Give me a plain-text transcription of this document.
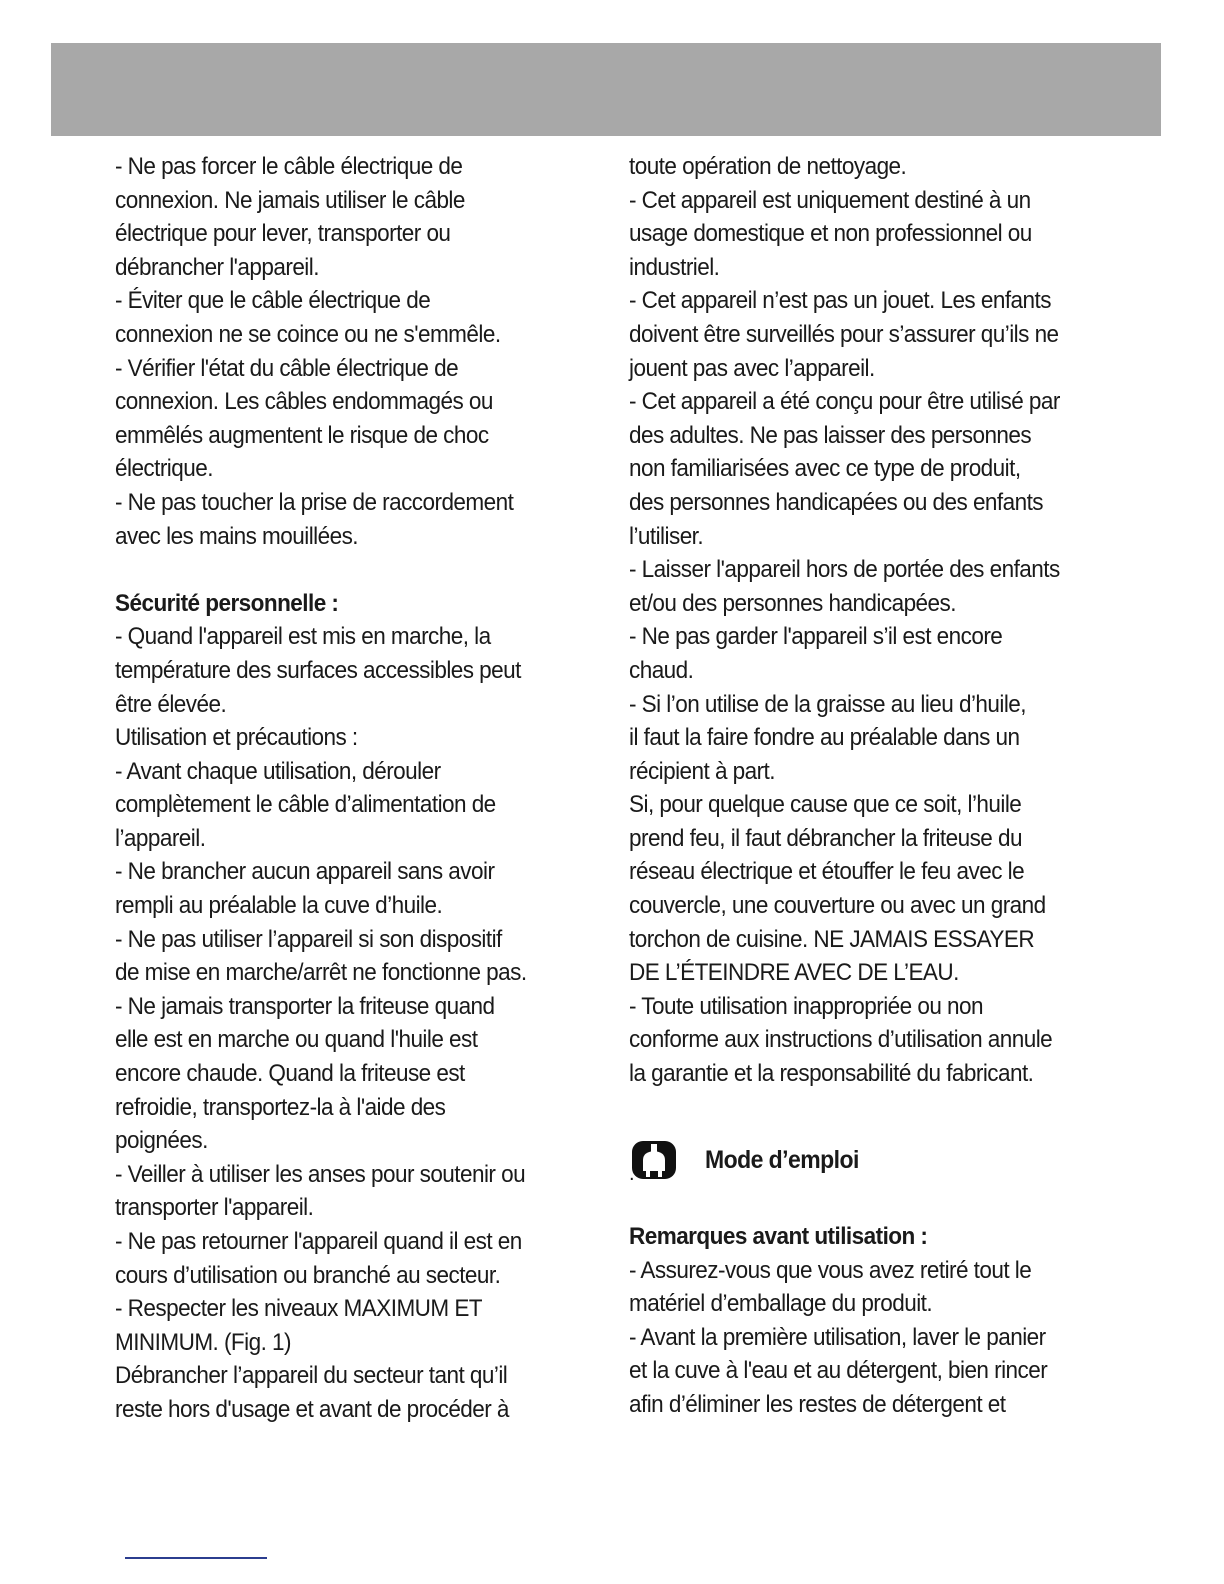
- Ne pas forcer le câble électrique de

connexion. Ne jamais utiliser le câble

électrique pour lever, transporter ou

débrancher l'appareil.

- Éviter que le câble électrique de

connexion ne se coince ou ne s'emmêle.

- Vérifier l'état du câble électrique de

connexion. Les câbles endommagés ou

emmêlés augmentent le risque de choc

électrique.

- Ne pas toucher la prise de raccordement

avec les mains mouillées.

Sécurité personnelle :

- Quand l'appareil est mis en marche, la

température des surfaces accessibles peut

être élevée.

Utilisation et précautions :

- Avant chaque utilisation, dérouler

complètement le câble d’alimentation de

l’appareil.

- Ne brancher aucun appareil sans avoir

rempli au préalable la cuve d’huile.

- Ne pas utiliser l’appareil si son dispositif

de mise en marche/arrêt ne fonctionne pas.

- Ne jamais transporter la friteuse quand

elle est en marche ou quand l'huile est

encore chaude. Quand la friteuse est

refroidie, transportez-la à l'aide des

poignées.

- Veiller à utiliser les anses pour soutenir ou

transporter l'appareil.

- Ne pas retourner l'appareil quand il est en

cours d’utilisation ou branché au secteur.

- Respecter les niveaux MAXIMUM ET

MINIMUM. (Fig. 1)

Débrancher l’appareil du secteur tant qu’il

reste hors d'usage et avant de procéder à

toute opération de nettoyage.

- Cet appareil est uniquement destiné à un

usage domestique et non professionnel ou

industriel.

- Cet appareil n’est pas un jouet. Les enfants

doivent être surveillés pour s’assurer qu’ils ne

jouent pas avec l’appareil.

- Cet appareil a été conçu pour être utilisé par

des adultes. Ne pas laisser des personnes

non familiarisées avec ce type de produit,

des personnes handicapées ou des enfants

l’utiliser.

- Laisser l'appareil hors de portée des enfants

et/ou des personnes handicapées.

- Ne pas garder l'appareil s’il est encore

chaud.

- Si l’on utilise de la graisse au lieu d’huile,

il faut la faire fondre au préalable dans un

récipient à part.

Si, pour quelque cause que ce soit, l’huile

prend feu, il faut débrancher la friteuse du

réseau électrique et étouffer le feu avec le

couvercle, une couverture ou avec un grand

torchon de cuisine. NE JAMAIS ESSAYER

DE L’ÉTEINDRE AVEC DE L’EAU.

- Toute utilisation inappropriée ou non

conforme aux instructions d’utilisation annule

la garantie et la responsabilité du fabricant.

.
Mode d’emploi

Remarques avant utilisation :

- Assurez-vous que vous avez retiré tout le

matériel d’emballage du produit.

- Avant la première utilisation, laver le panier

et la cuve à l'eau et au détergent, bien rincer

afin d’éliminer les restes de détergent et
